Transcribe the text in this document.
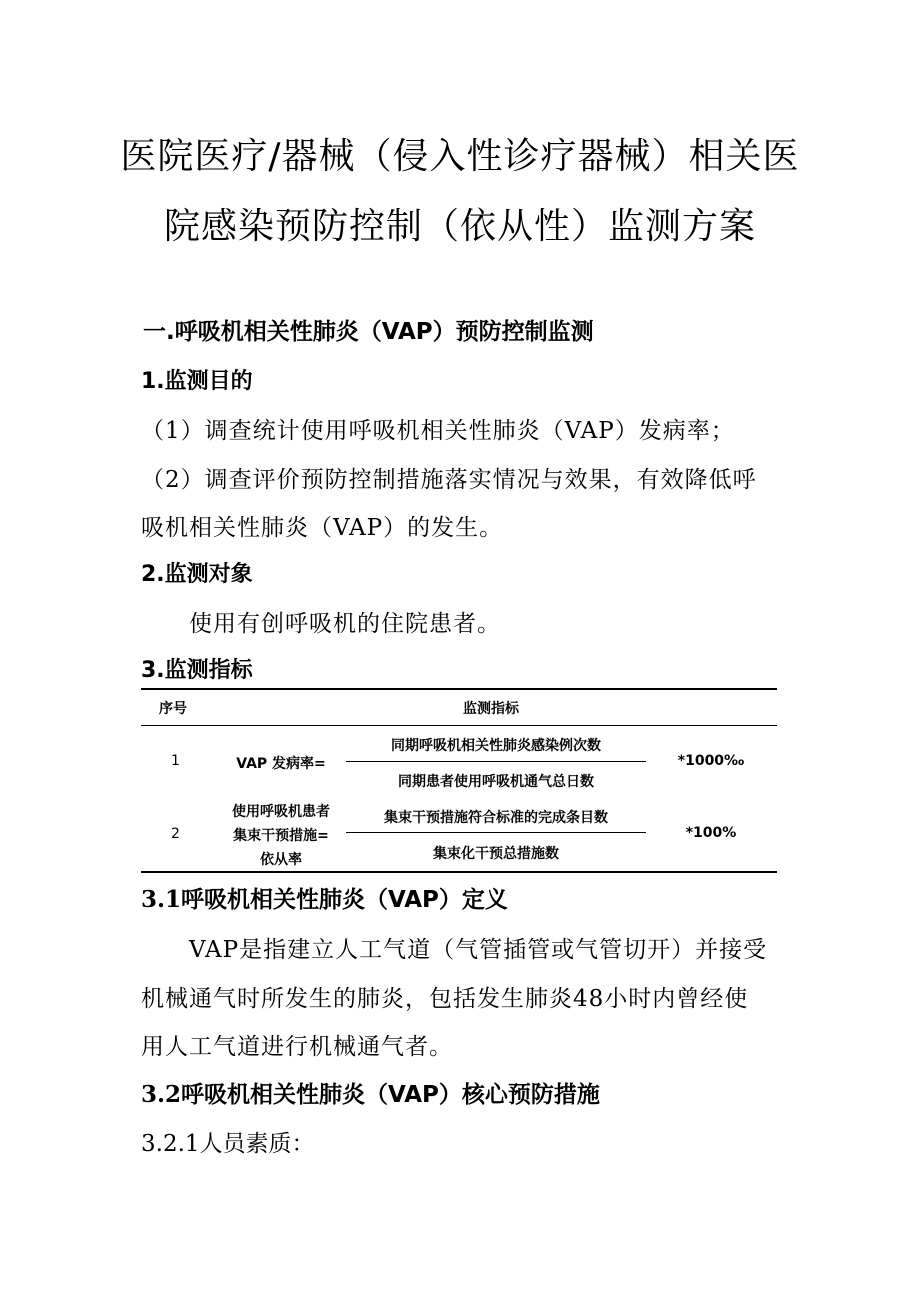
医院医疗/器械（侵入性诊疗器械）相关医
院感染预防控制（依从性）监测方案
一.呼吸机相关性肺炎（VAP）预防控制监测
1.监测目的
（1）调查统计使用呼吸机相关性肺炎（VAP）发病率；
（2）调查评价预防控制措施落实情况与效果，有效降低呼
吸机相关性肺炎（VAP）的发生。
2.监测对象
使用有创呼吸机的住院患者。
3.监测指标
序号	监测指标
1	VAP 发病率=
同期呼吸机相关性肺炎感染例次数
同期患者使用呼吸机通气总日数
*1000‰
2
使用呼吸机患者
集束干预措施=
依从率
集束干预措施符合标准的完成条目数
集束化干预总措施数
*100%
3.1呼吸机相关性肺炎（VAP）定义
VAP是指建立人工气道（气管插管或气管切开）并接受
机械通气时所发生的肺炎，包括发生肺炎48小时内曾经使
用人工气道进行机械通气者。
3.2呼吸机相关性肺炎（VAP）核心预防措施
3.2.1人员素质：
